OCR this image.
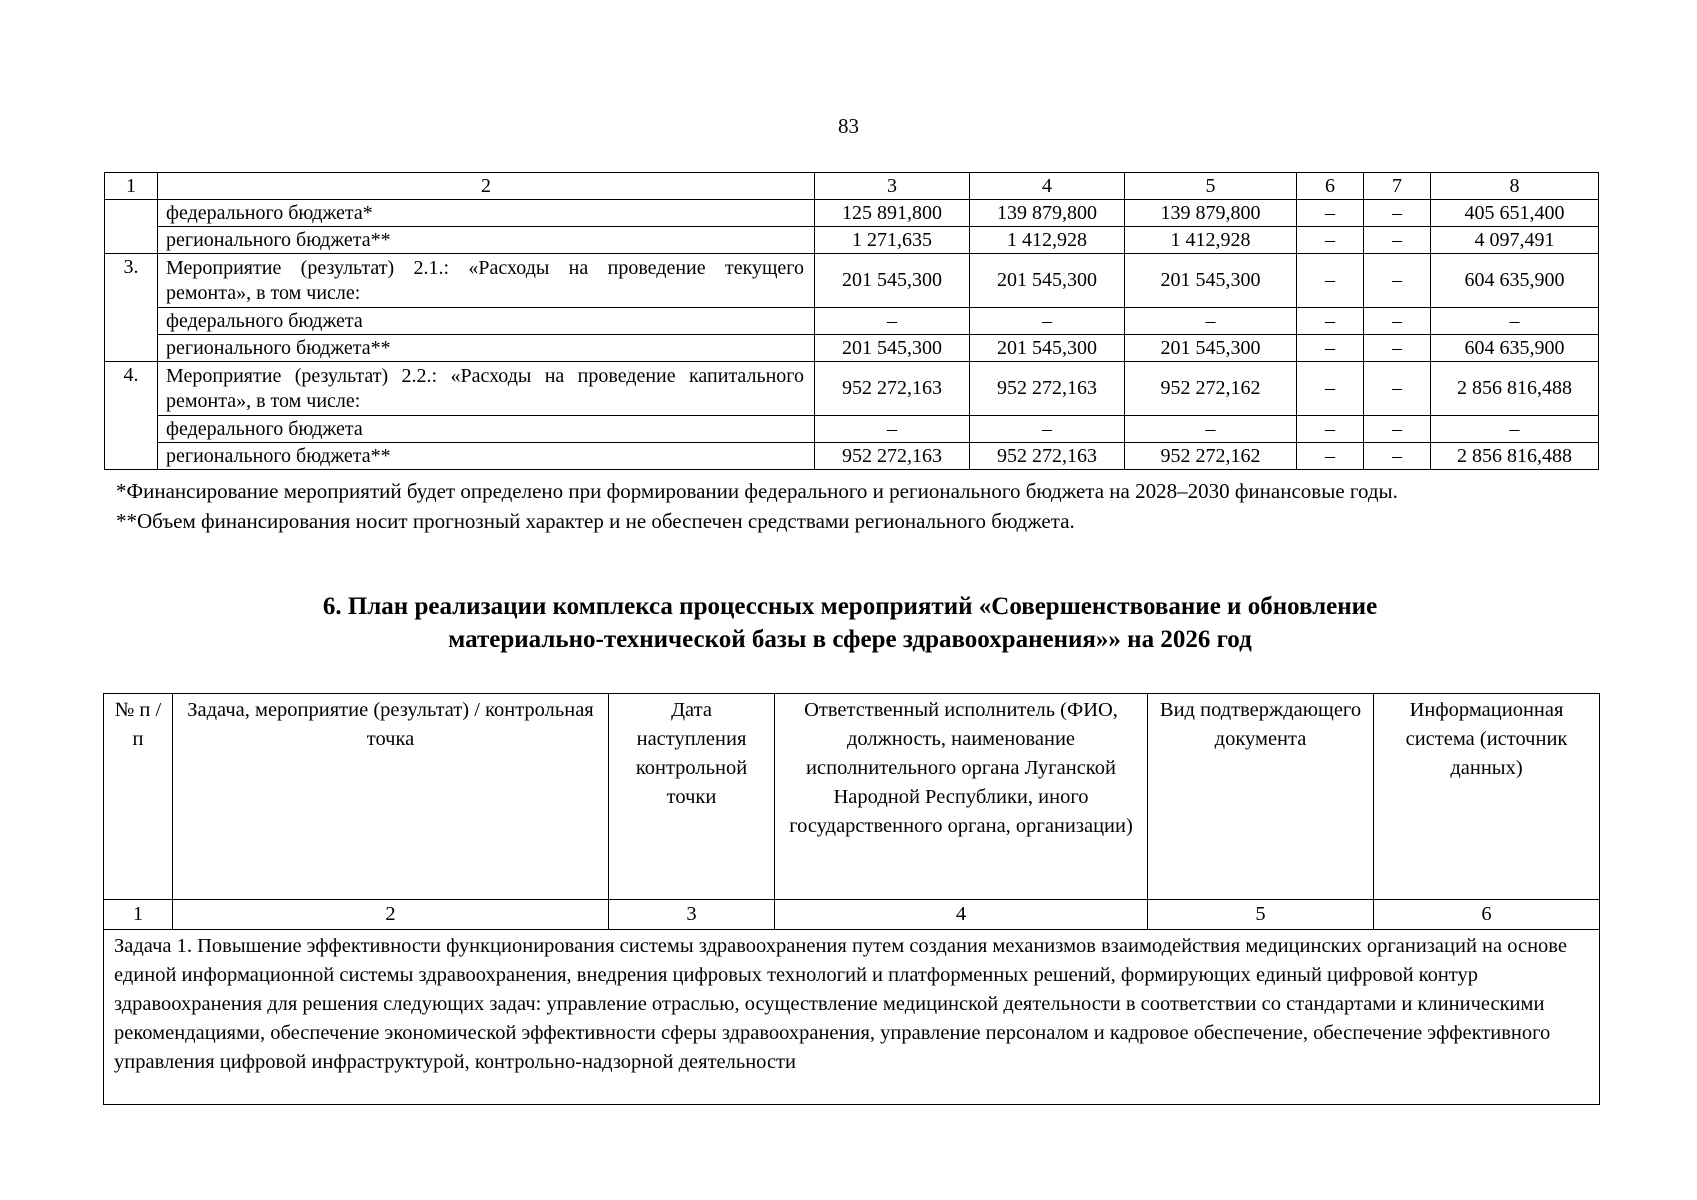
83
1	2	3	4	5	6	7	8
	федерального бюджета*	125 891,800	139 879,800	139 879,800	–	–	405 651,400
	регионального бюджета**	1 271,635	1 412,928	1 412,928	–	–	4 097,491
3.	Мероприятие (результат) 2.1.: «Расходы на проведение текущего ремонта», в том числе:	201 545,300	201 545,300	201 545,300	–	–	604 635,900
	федерального бюджета	–	–	–	–	–	–
	регионального бюджета**	201 545,300	201 545,300	201 545,300	–	–	604 635,900
4.	Мероприятие (результат) 2.2.: «Расходы на проведение капитального ремонта», в том числе:	952 272,163	952 272,163	952 272,162	–	–	2 856 816,488
	федерального бюджета	–	–	–	–	–	–
	регионального бюджета**	952 272,163	952 272,163	952 272,162	–	–	2 856 816,488

*Финансирование мероприятий будет определено при формировании федерального и регионального бюджета на 2028–2030 финансовые годы.

**Объем финансирования носит прогнозный характер и не обеспечен средствами регионального бюджета.

6. План реализации комплекса процессных мероприятий «Совершенствование и обновление
материально-технической базы в сфере здравоохранения»» на 2026 год
№ п / п	Задача, мероприятие (результат) / контрольная точка	Дата наступления контрольной точки	Ответственный исполнитель (ФИО, должность, наименование исполнительного органа Луганской Народной Республики, иного государственного органа, организации)	Вид подтверждающего документа	Информационная система (источник данных)
1	2	3	4	5	6
Задача 1. Повышение эффективности функционирования системы здравоохранения путем создания механизмов взаимодействия медицинских организаций на основе единой информационной системы здравоохранения, внедрения цифровых технологий и платформенных решений, формирующих единый цифровой контур здравоохранения для решения следующих задач: управление отраслью, осуществление медицинской деятельности в соответствии со стандартами и клиническими рекомендациями, обеспечение экономической эффективности сферы здравоохранения, управление персоналом и кадровое обеспечение, обеспечение эффективного управления цифровой инфраструктурой, контрольно-надзорной деятельности					
